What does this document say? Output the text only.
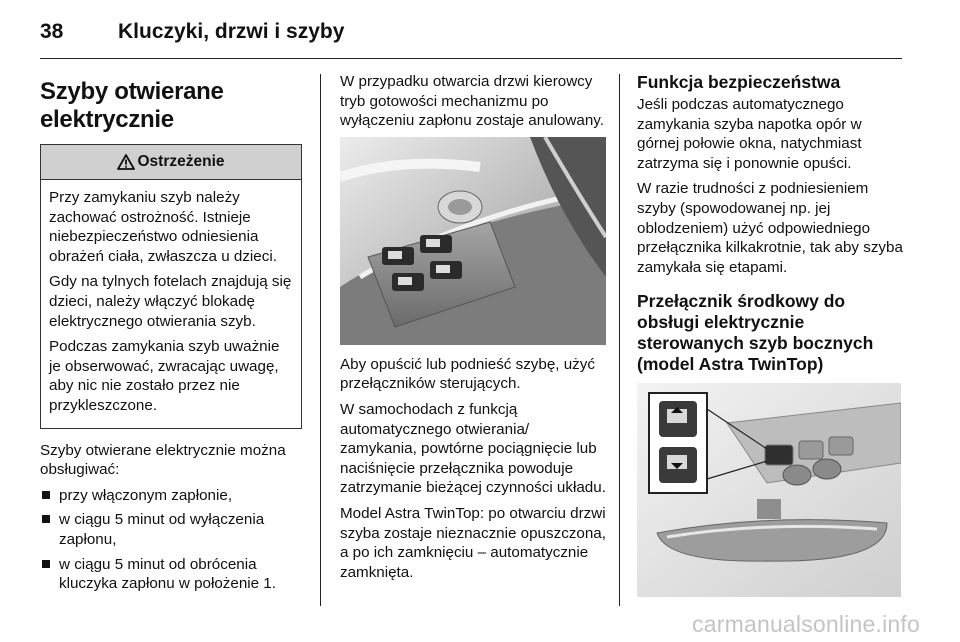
38	Kluczyki, drzwi i szyby
Szyby otwierane
elektrycznie
Ostrzeżenie

Przy zamykaniu szyb należy zachować ostrożność. Istnieje niebezpieczeństwo odniesienia obrażeń ciała, zwłaszcza u dzieci.

Gdy na tylnych fotelach znajdują się dzieci, należy włączyć blokadę elektrycznego otwierania szyb.

Podczas zamykania szyb uważnie je obserwować, zwracając uwagę, aby nic nie zostało przez nie przykleszczone.

Szyby otwierane elektrycznie można obsługiwać:

przy włączonym zapłonie,
w ciągu 5 minut od wyłączenia zapłonu,
w ciągu 5 minut od obrócenia kluczyka zapłonu w położenie 1.

W przypadku otwarcia drzwi kierowcy tryb gotowości mechanizmu po wyłączeniu zapłonu zostaje anulowany.

Aby opuścić lub podnieść szybę, użyć przełączników sterujących.

W samochodach z funkcją automatycznego otwierania/ zamykania, powtórne pociągnięcie lub naciśnięcie przełącznika powoduje zatrzymanie bieżącej czynności układu.

Model Astra TwinTop: po otwarciu drzwi szyba zostaje nieznacznie opuszczona, a po ich zamknięciu – automatycznie zamknięta.

Funkcja bezpieczeństwa

Jeśli podczas automatycznego zamykania szyba napotka opór w górnej połowie okna, natychmiast zatrzyma się i ponownie opuści.

W razie trudności z podniesieniem szyby (spowodowanej np. jej oblodzeniem) użyć odpowiedniego przełącznika kilkakrotnie, tak aby szyba zamykała się etapami.

Przełącznik środkowy do obsługi elektrycznie sterowanych szyb bocznych (model Astra TwinTop)
carmanualsonline.info
